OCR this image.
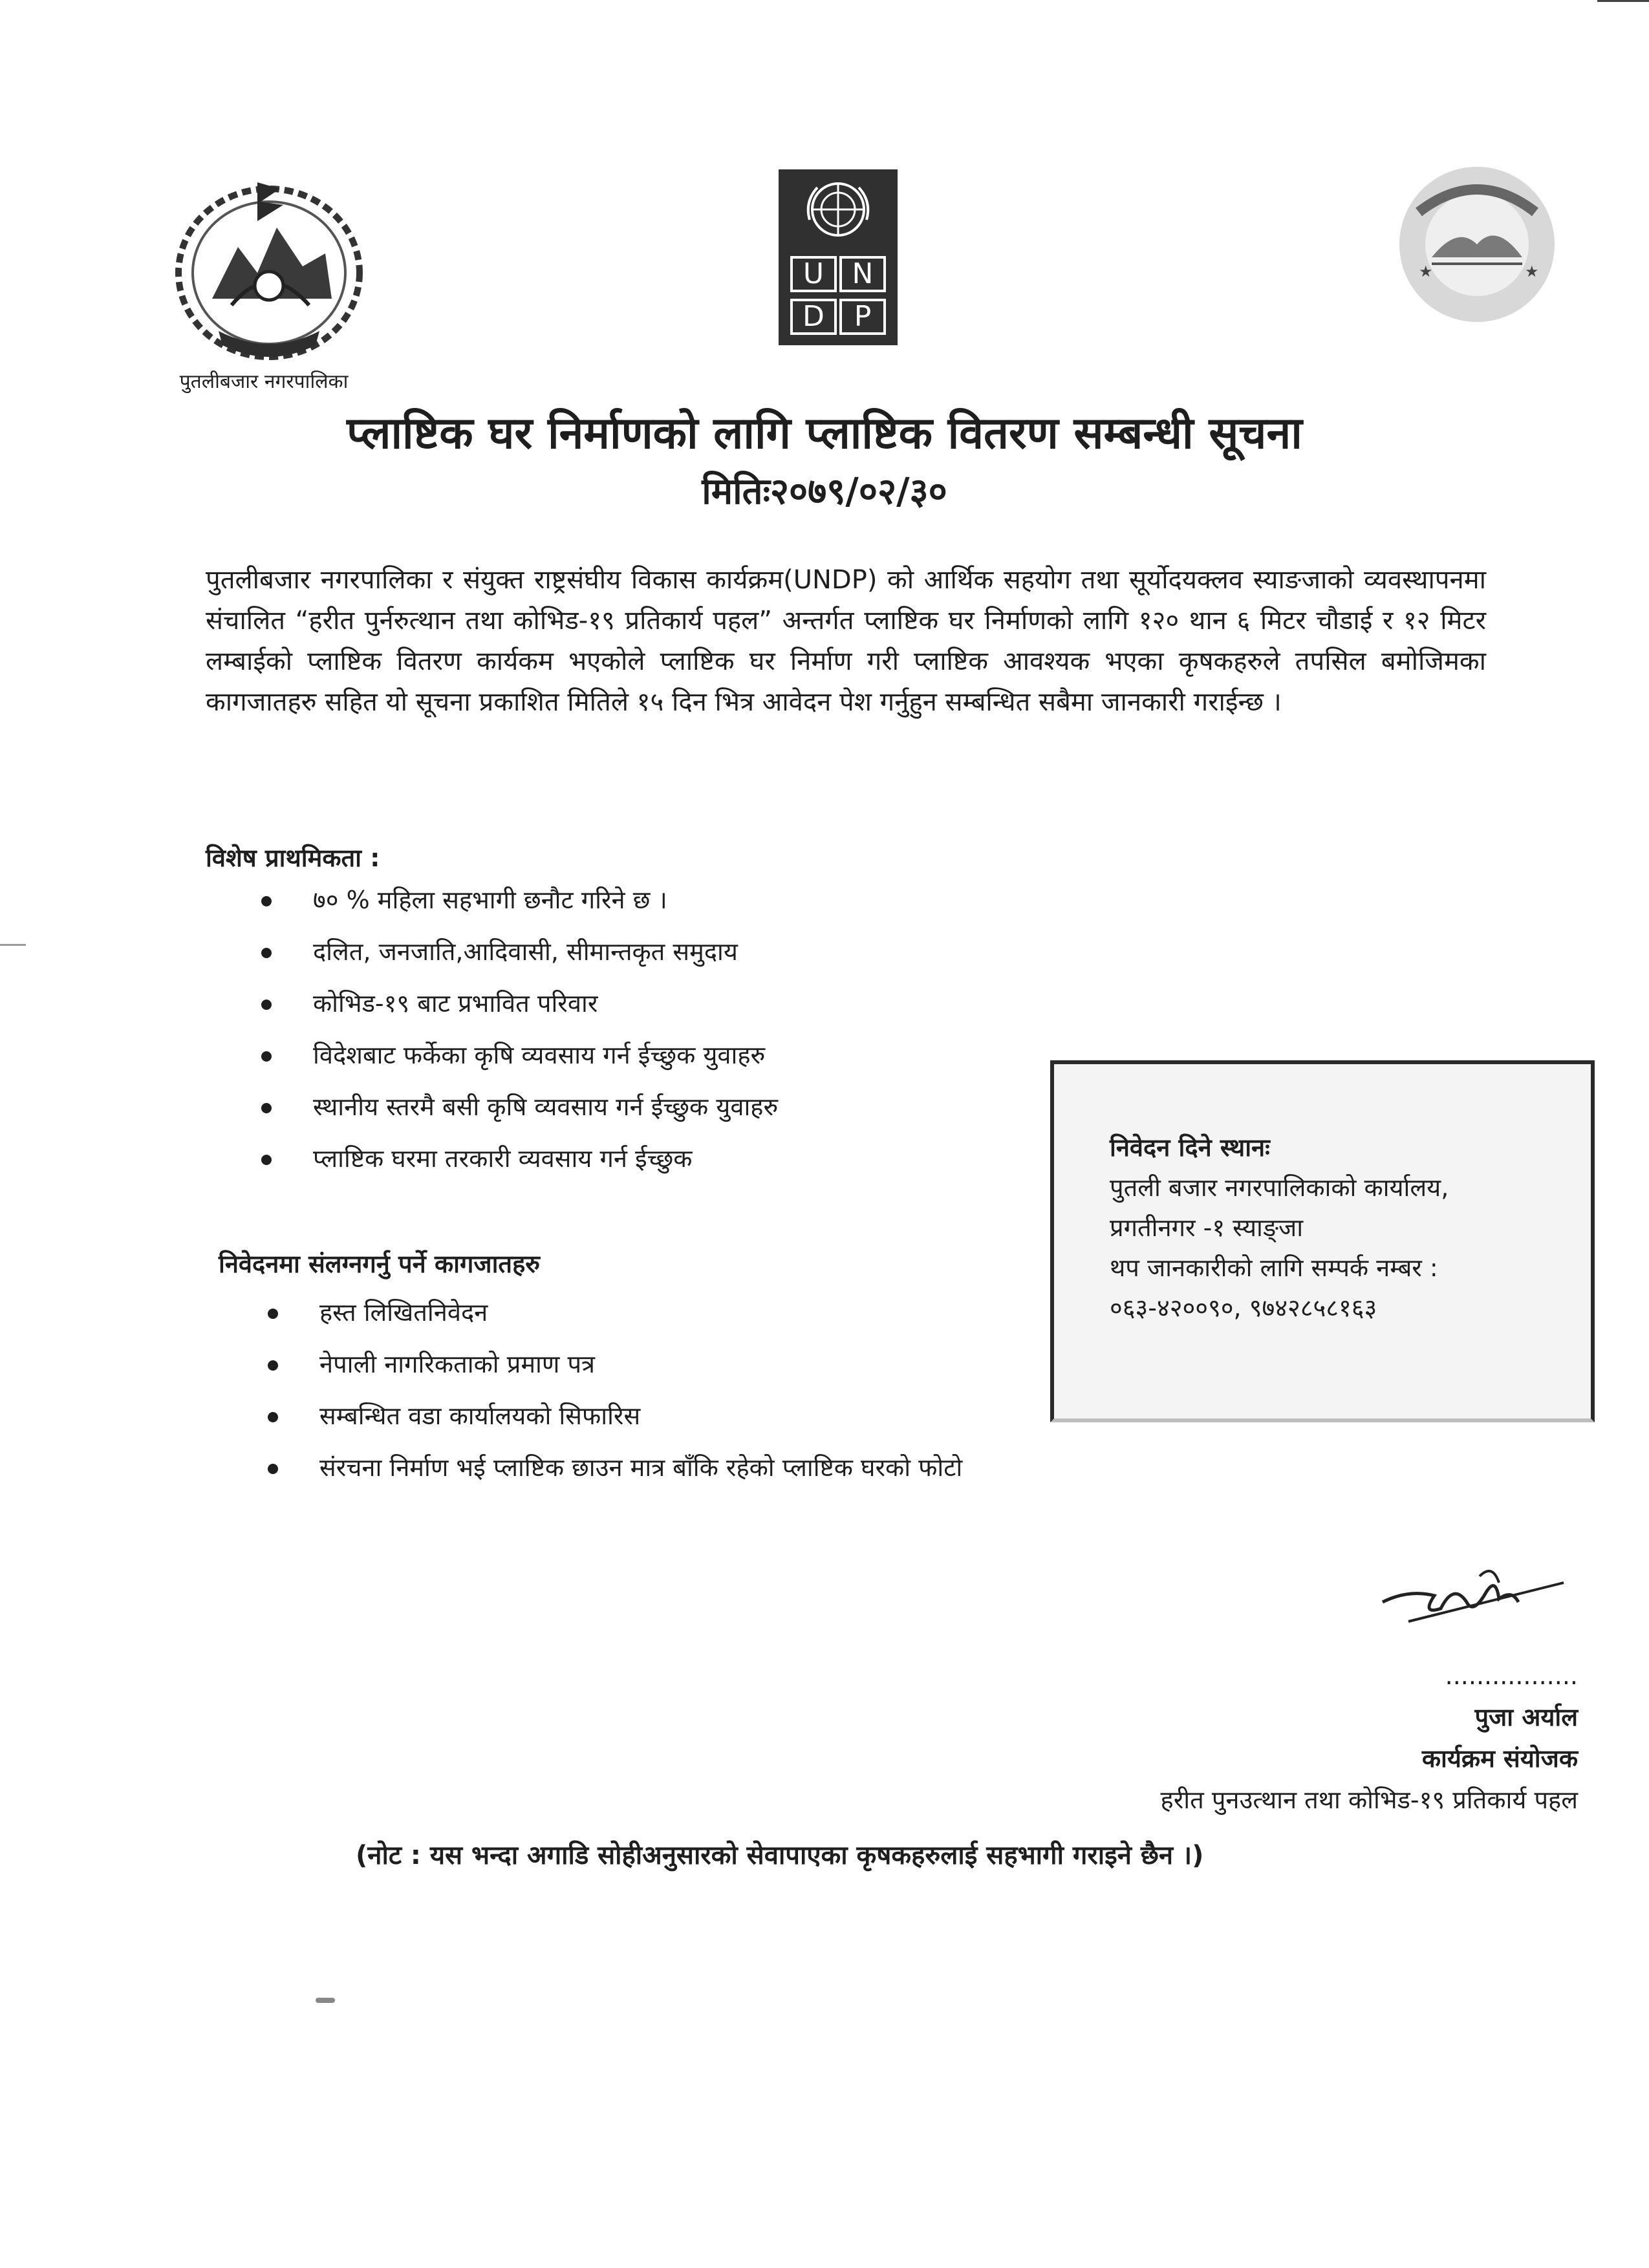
पुतलीबजार नगरपालिका
U N
D	P
★	★
प्लाष्टिक घर निर्माणको लागि प्लाष्टिक वितरण सम्बन्धी सूचना
मितिः२०७९/०२/३०
पुतलीबजार नगरपालिका र संयुक्त राष्ट्रसंघीय विकास कार्यक्रम(UNDP) को आर्थिक सहयोग तथा सूर्योदयक्लव स्याङजाको व्यवस्थापनमा संचालित “हरीत पुर्नरुत्थान तथा कोभिड-१९ प्रतिकार्य पहल” अन्तर्गत प्लाष्टिक घर निर्माणको लागि १२० थान ६ मिटर चौडाई र १२ मिटर लम्बाईको प्लाष्टिक वितरण कार्यकम भएकोले प्लाष्टिक घर निर्माण गरी प्लाष्टिक आवश्यक भएका कृषकहरुले तपसिल बमोजिमका कागजातहरु सहित यो सूचना प्रकाशित मितिले १५ दिन भित्र आवेदन पेश गर्नुहुन सम्बन्धित सबैमा जानकारी गराईन्छ ।
विशेष प्राथमिकता :
७० % महिला सहभागी छनौट गरिने छ ।
दलित, जनजाति,आदिवासी, सीमान्तकृत समुदाय
कोभिड-१९ बाट प्रभावित परिवार
विदेशबाट फर्केका कृषि व्यवसाय गर्न ईच्छुक युवाहरु
स्थानीय स्तरमै बसी कृषि व्यवसाय गर्न ईच्छुक युवाहरु
प्लाष्टिक घरमा तरकारी व्यवसाय गर्न ईच्छुक
निवेदनमा संलग्नगर्नु पर्ने कागजातहरु
हस्त लिखितनिवेदन
नेपाली नागरिकताको प्रमाण पत्र
सम्बन्धित वडा कार्यालयको सिफारिस
संरचना निर्माण भई प्लाष्टिक छाउन मात्र बाँकि रहेको प्लाष्टिक घरको फोटो
निवेदन दिने स्थानः
पुतली बजार नगरपालिकाको कार्यालय,
प्रगतीनगर -१ स्याङ्जा
थप जानकारीको लागि सम्पर्क नम्बर :
०६३-४२००९०, ९७४२८५८१६३
.................
पुजा अर्याल
कार्यक्रम संयोजक
हरीत पुनउत्थान तथा कोभिड-१९ प्रतिकार्य पहल
(नोट : यस भन्दा अगाडि सोहीअनुसारको सेवापाएका कृषकहरुलाई सहभागी गराइने छैन ।)
